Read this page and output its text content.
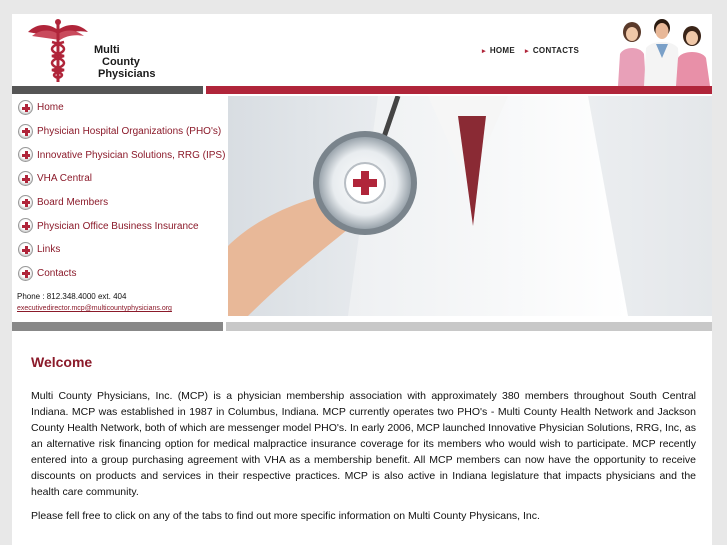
Multi
County
Physicians
▸ HOME ▸ CONTACTS
Home
Physician Hospital Organizations (PHO's)
Innovative Physician Solutions, RRG (IPS)
VHA Central
Board Members
Physician Office Business Insurance
Links
Contacts
Phone : 812.348.4000 ext. 404
executivedirector.mcp@multicountyphysicians.org
Welcome

Multi County Physicians, Inc. (MCP) is a physician membership association with approximately 380 members throughout South Central Indiana. MCP was established in 1987 in Columbus, Indiana. MCP currently operates two PHO's - Multi County Health Network and Jackson County Health Network, both of which are messenger model PHO's. In early 2006, MCP launched Innovative Physician Solutions, RRG, Inc, as an alternative risk financing option for medical malpractice insurance coverage for its members who would wish to participate. MCP recently entered into a group purchasing agreement with VHA as a membership benefit. All MCP members can now have the opportunity to receive discounts on products and services in their respective practices. MCP is also active in Indiana legislature that impacts physicians and the health care community.

Please fell free to click on any of the tabs to find out more specific information on Multi County Physicans, Inc.
